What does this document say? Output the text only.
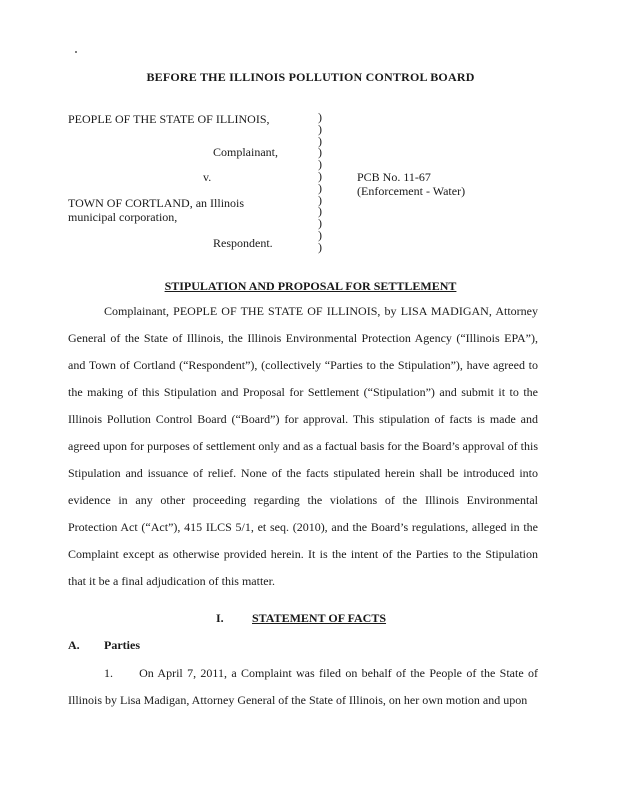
BEFORE THE ILLINOIS POLLUTION CONTROL BOARD
PEOPLE OF THE STATE OF ILLINOIS,
Complainant,
v.
TOWN OF CORTLAND, an Illinois
municipal corporation,
Respondent.
PCB No. 11-67
(Enforcement - Water)
)
)
)
)
)
)
)
)
)
)
)
)
STIPULATION AND PROPOSAL FOR SETTLEMENT

Complainant, PEOPLE OF THE STATE OF ILLINOIS, by LISA MADIGAN, Attorney General of the State of Illinois, the Illinois Environmental Protection Agency (“Illinois EPA”), and Town of Cortland (“Respondent”), (collectively “Parties to the Stipulation”), have agreed to the making of this Stipulation and Proposal for Settlement (“Stipulation”) and submit it to the Illinois Pollution Control Board (“Board”) for approval. This stipulation of facts is made and agreed upon for purposes of settlement only and as a factual basis for the Board’s approval of this Stipulation and issuance of relief. None of the facts stipulated herein shall be introduced into evidence in any other proceeding regarding the violations of the Illinois Environmental Protection Act (“Act”), 415 ILCS 5/1, et seq. (2010), and the Board’s regulations, alleged in the Complaint except as otherwise provided herein. It is the intent of the Parties to the Stipulation that it be a final adjudication of this matter.

I. STATEMENT OF FACTS
A. Parties

1. On April 7, 2011, a Complaint was filed on behalf of the People of the State of Illinois by Lisa Madigan, Attorney General of the State of Illinois, on her own motion and upon
